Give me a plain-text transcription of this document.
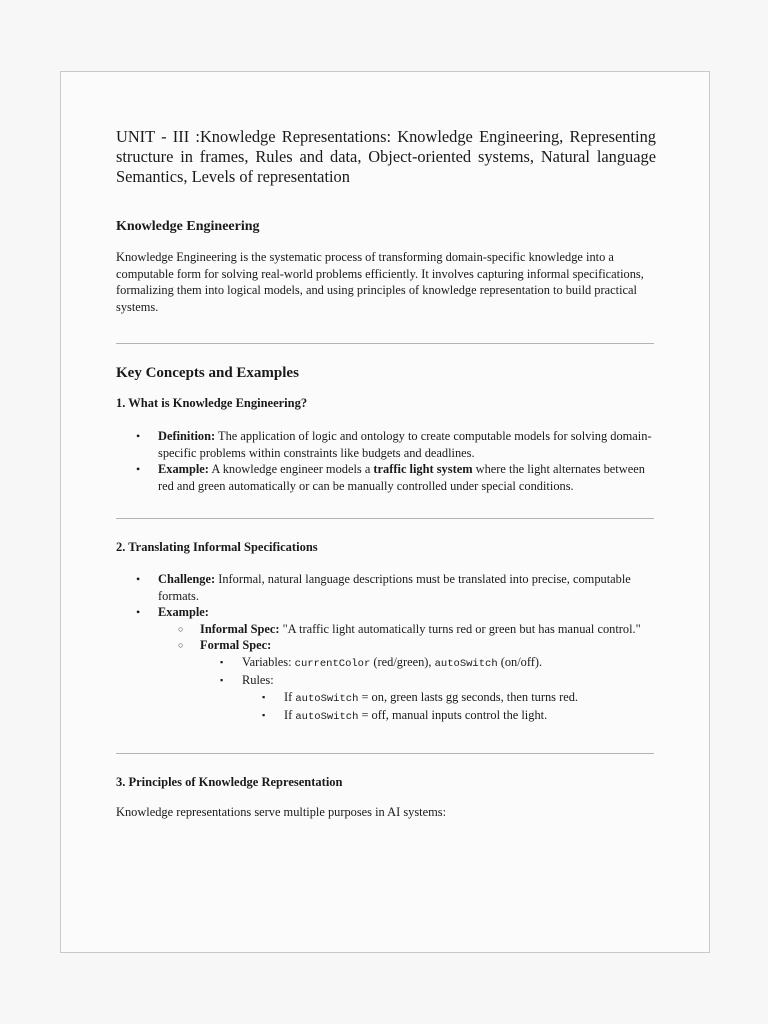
UNIT - III :Knowledge Representations: Knowledge Engineering, Representing structure in frames, Rules and data, Object-oriented systems, Natural language Semantics, Levels of representation

Knowledge Engineering

Knowledge Engineering is the systematic process of transforming domain-specific knowledge into a computable form for solving real-world problems efficiently. It involves capturing informal specifications, formalizing them into logical models, and using principles of knowledge representation to build practical systems.

Key Concepts and Examples

1. What is Knowledge Engineering?

• Definition: The application of logic and ontology to create computable models for solving domain-specific problems within constraints like budgets and deadlines.
• Example: A knowledge engineer models a traffic light system where the light alternates between red and green automatically or can be manually controlled under special conditions.

2. Translating Informal Specifications

• Challenge: Informal, natural language descriptions must be translated into precise, computable formats.
• Example:
○ Informal Spec: "A traffic light automatically turns red or green but has manual control."
○ Formal Spec:
▪ Variables: currentColor (red/green), autoSwitch (on/off).
▪ Rules:
▪ If autoSwitch = on, green lasts gg seconds, then turns red.
▪ If autoSwitch = off, manual inputs control the light.

3. Principles of Knowledge Representation

Knowledge representations serve multiple purposes in AI systems:
